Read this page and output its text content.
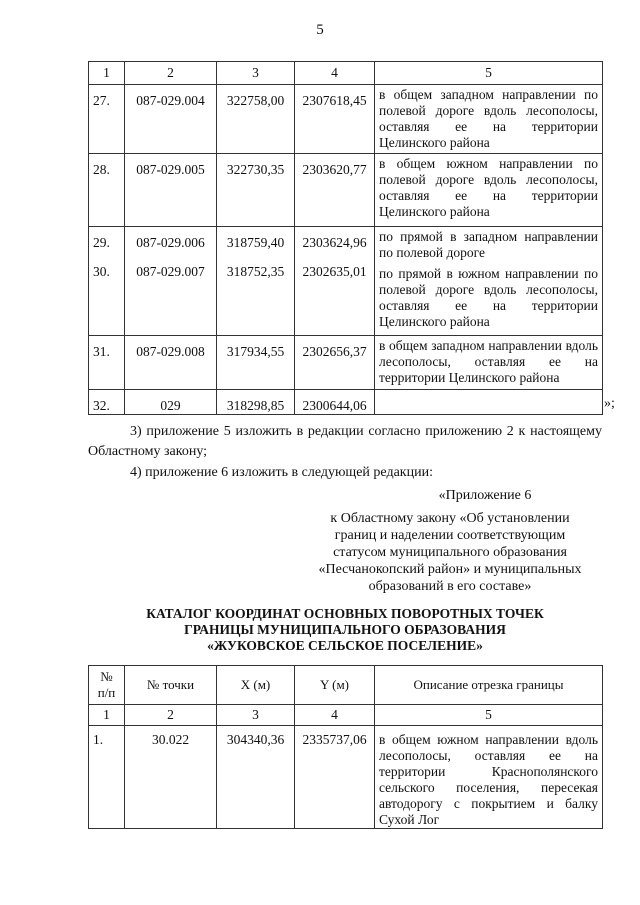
5
1	2	3	4	5
27.	087-029.004	322758,00	2307618,45	в общем западном направлении по полевой дороге вдоль лесополосы, оставляя ее на территории Целинского района
28.	087-029.005	322730,35	2303620,77	в общем южном направлении по полевой дороге вдоль лесополосы, оставляя ее на территории Целинского района
29.	087-029.006	318759,40	2303624,96	по прямой в западном направлении по полевой дороге
30.	087-029.007	318752,35	2302635,01	по прямой в южном направлении по полевой дороге вдоль лесополосы, оставляя ее на территории Целинского района
31.	087-029.008	317934,55	2302656,37	в общем западном направлении вдоль лесополосы, оставляя ее на территории Целинского района
32.	029	318298,85	2300644,06		»;
3) приложение 5 изложить в редакции согласно приложению 2 к настоящему Областному закону;
4) приложение 6 изложить в следующей редакции:
«Приложение 6
к Областному закону «Об установлении
границ и наделении соответствующим
статусом муниципального образования
«Песчанокопский район» и муниципальных
образований в его составе»
КАТАЛОГ КООРДИНАТ ОСНОВНЫХ ПОВОРОТНЫХ ТОЧЕК
ГРАНИЦЫ МУНИЦИПАЛЬНОГО ОБРАЗОВАНИЯ
«ЖУКОВСКОЕ СЕЛЬСКОЕ ПОСЕЛЕНИЕ»
№
п/п	№ точки	X (м)	Y (м)	Описание отрезка границы
1	2	3	4	5
1.	30.022	304340,36	2335737,06	в общем южном направлении вдоль лесополосы, оставляя ее на территории Краснополянского сельского поселения, пересекая автодорогу с покрытием и балку Сухой Лог
